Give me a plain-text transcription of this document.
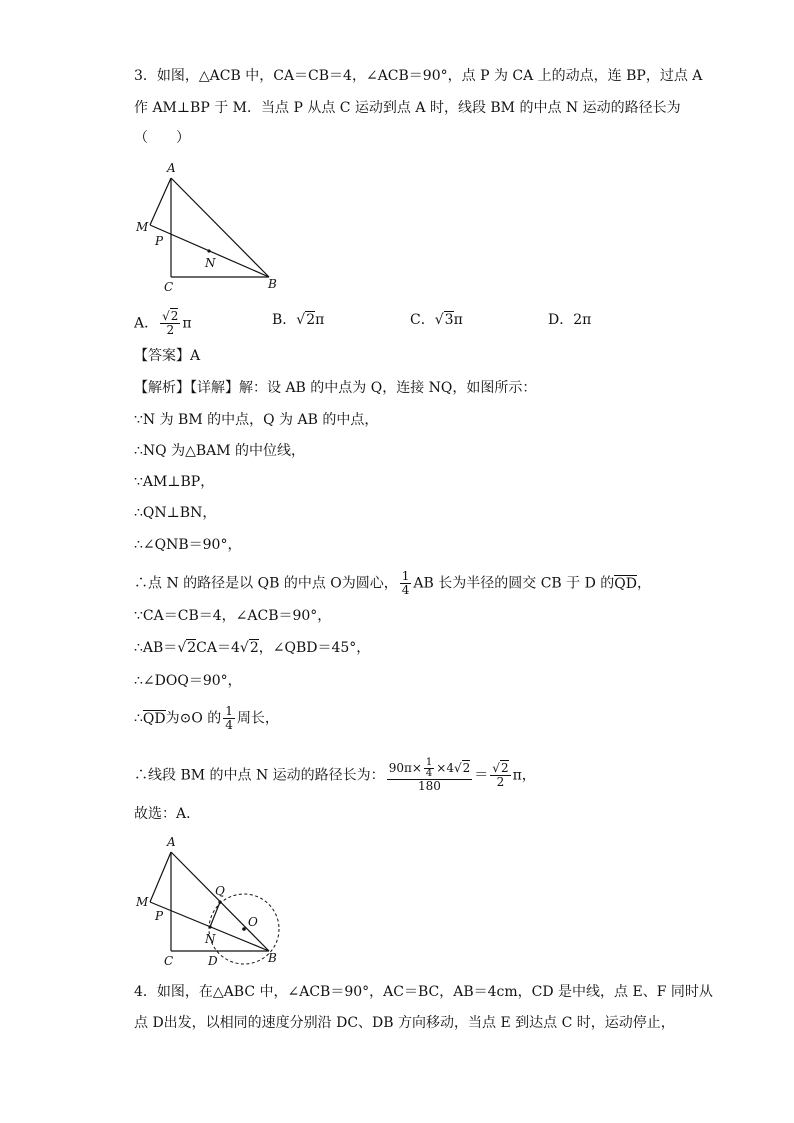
3．如图，△ACB 中，CA＝CB＝4，∠ACB＝90°，点 P 为 CA 上的动点，连 BP，过点 A
作 AM⊥BP 于 M．当点 P 从点 C 运动到点 A 时，线段 BM 的中点 N 运动的路径长为
（　　）
A
M
P
N
C	B
A． $\frac{√2}{2}$ π	B．√2π	C．√3π	D．2π
【答案】A
【解析】【详解】解：设 AB 的中点为 Q，连接 NQ，如图所示：
∵N 为 BM 的中点，Q 为 AB 的中点，
∴NQ 为△BAM 的中位线，
∵AM⊥BP，
∴QN⊥BN，
∴∠QNB＝90°，
∴点 N 的路径是以 QB 的中点 O为圆心， $\frac{1}{4}$ AB 长为半径的圆交 CB 于 D 的QD，
∵CA＝CB＝4，∠ACB＝90°，
∴AB＝√2CA＝4√2，∠QBD＝45°，
∴∠DOQ＝90°，
∴QD为⊙O 的 $\frac{1}{4}$ 周长，
∴线段 BM 的中点 N 运动的路径长为： $\frac{90\pi\times \frac{1}{4} \times 4√2}{180} = \frac{√2}{2}$ π，
故选：A．
A
Q
M
P	O
N
C	D	B
4．如图，在△ABC 中，∠ACB＝90°，AC＝BC，AB＝4cm，CD 是中线，点 E、F 同时从
点 D出发，以相同的速度分别沿 DC、DB 方向移动，当点 E 到达点 C 时，运动停止，
